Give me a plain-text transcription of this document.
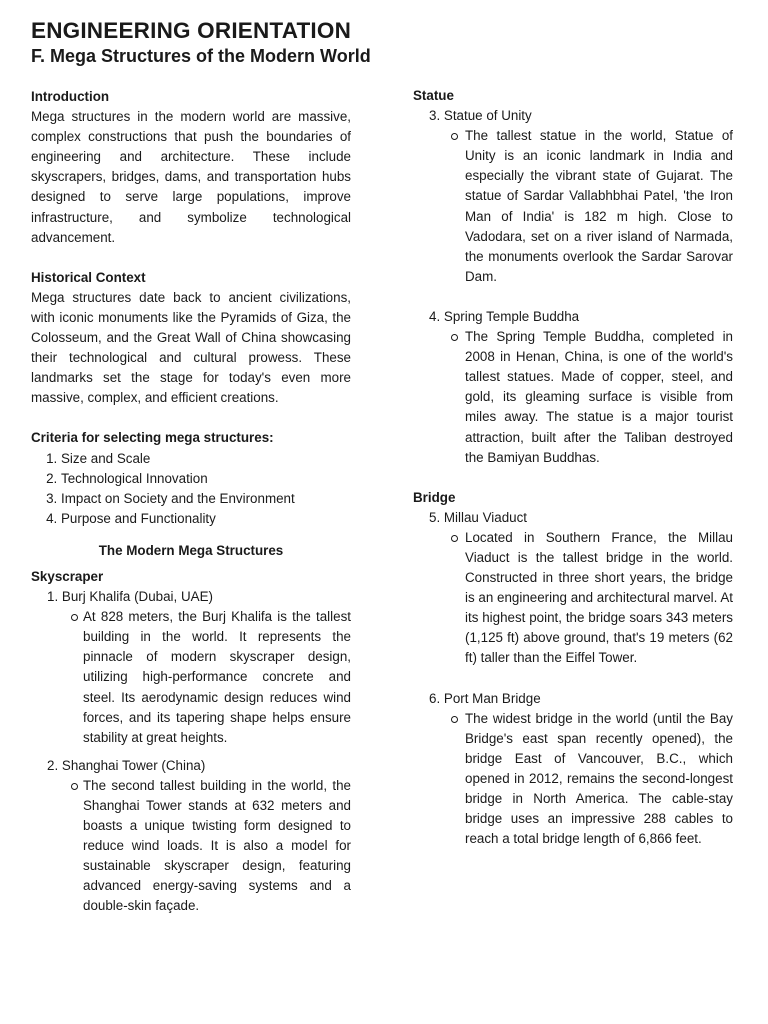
ENGINEERING ORIENTATION
F. Mega Structures of the Modern World

Introduction

Mega structures in the modern world are massive, complex constructions that push the boundaries of engineering and architecture. These include skyscrapers, bridges, dams, and transportation hubs designed to serve large populations, improve infrastructure, and symbolize technological advancement.

Historical Context

Mega structures date back to ancient civilizations, with iconic monuments like the Pyramids of Giza, the Colosseum, and the Great Wall of China showcasing their technological and cultural prowess. These landmarks set the stage for today's even more massive, complex, and efficient creations.

Criteria for selecting mega structures:

1. Size and Scale
2. Technological Innovation
3. Impact on Society and the Environment
4. Purpose and Functionality

The Modern Mega Structures

Skyscraper

1. Burj Khalifa (Dubai, UAE)

At 828 meters, the Burj Khalifa is the tallest building in the world. It represents the pinnacle of modern skyscraper design, utilizing high-performance concrete and steel. Its aerodynamic design reduces wind forces, and its tapering shape helps ensure stability at great heights.

2. Shanghai Tower (China)

The second tallest building in the world, the Shanghai Tower stands at 632 meters and boasts a unique twisting form designed to reduce wind loads. It is also a model for sustainable skyscraper design, featuring advanced energy-saving systems and a double-skin façade.

Statue

3. Statue of Unity

The tallest statue in the world, Statue of Unity is an iconic landmark in India and especially the vibrant state of Gujarat. The statue of Sardar Vallabhbhai Patel, 'the Iron Man of India' is 182 m high. Close to Vadodara, set on a river island of Narmada, the monuments overlook the Sardar Sarovar Dam.

4. Spring Temple Buddha

The Spring Temple Buddha, completed in 2008 in Henan, China, is one of the world's tallest statues. Made of copper, steel, and gold, its gleaming surface is visible from miles away. The statue is a major tourist attraction, built after the Taliban destroyed the Bamiyan Buddhas.

Bridge

5. Millau Viaduct

Located in Southern France, the Millau Viaduct is the tallest bridge in the world. Constructed in three short years, the bridge is an engineering and architectural marvel. At its highest point, the bridge soars 343 meters (1,125 ft) above ground, that's 19 meters (62 ft) taller than the Eiffel Tower.

6. Port Man Bridge

The widest bridge in the world (until the Bay Bridge's east span recently opened), the bridge East of Vancouver, B.C., which opened in 2012, remains the second-longest bridge in North America. The cable-stay bridge uses an impressive 288 cables to reach a total bridge length of 6,866 feet.
